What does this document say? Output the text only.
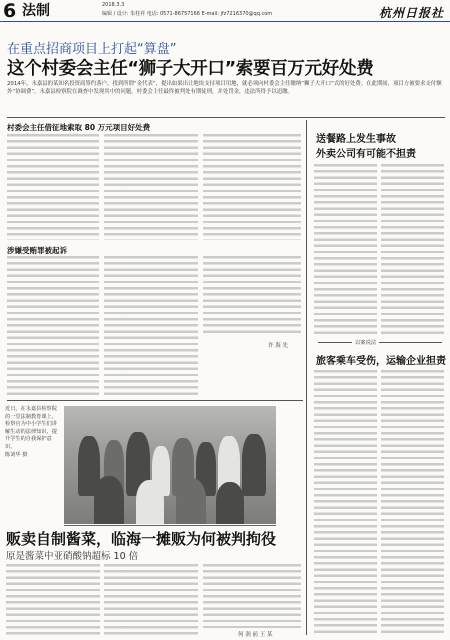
6 法制	2018.3.3
编辑 / 设计: 朱桂祥 电话: 0571-86757166 E-mail: jfz7216370@qq.com	杭州日报社
在重点招商项目上打起“算盘”
这个村委会主任“狮子大开口”索要百万元好处费
2014年，永嘉县的某知名投资商签约落户，找到所谓“金代表”，提出如果出让地块支持项目用地，就必须向村委会主任缴纳“狮子大开口”式的好处费。在此期间，项目方被要求支付额外“协调费”，永嘉县检察院在调查中发现其中的问题，村委会主任最终被判处有期徒刑，并处罚金，违法所得予以追缴。
村委会主任借征地索取 80 万元项目好处费
涉嫌受贿罪被起诉
许 海 先
近日，在永嘉县检察院的一堂法制教育课上，检察官为中小学生们讲解生动的法律知识，提升学生的自我保护意识。
陈刘华 摄
贩卖自制酱菜，临海一摊贩为何被判拘役
原是酱菜中亚硝酸钠超标 10 倍
何 润 前 王 某
送餐路上发生事故
外卖公司有可能不担责
以案说法
旅客乘车受伤，运输企业担责
